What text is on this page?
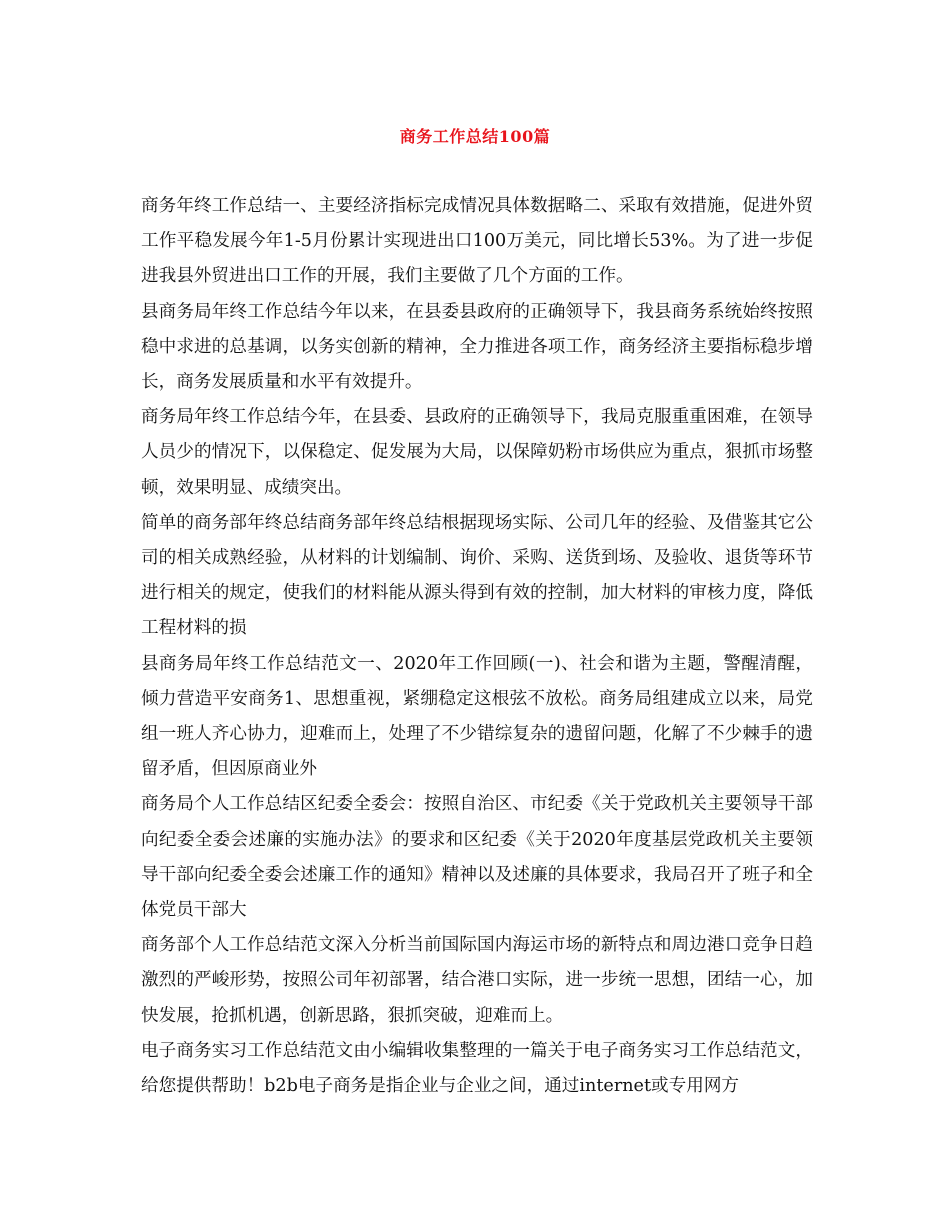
商务工作总结100篇

商务年终工作总结一、主要经济指标完成情况具体数据略二、采取有效措施，促进外贸工作平稳发展今年1-5月份累计实现进出口100万美元，同比增长53%。为了进一步促进我县外贸进出口工作的开展，我们主要做了几个方面的工作。

县商务局年终工作总结今年以来，在县委县政府的正确领导下，我县商务系统始终按照稳中求进的总基调，以务实创新的精神，全力推进各项工作，商务经济主要指标稳步增长，商务发展质量和水平有效提升。

商务局年终工作总结今年，在县委、县政府的正确领导下，我局克服重重困难，在领导人员少的情况下，以保稳定、促发展为大局，以保障奶粉市场供应为重点，狠抓市场整顿，效果明显、成绩突出。

简单的商务部年终总结商务部年终总结根据现场实际、公司几年的经验、及借鉴其它公司的相关成熟经验，从材料的计划编制、询价、采购、送货到场、及验收、退货等环节进行相关的规定，使我们的材料能从源头得到有效的控制，加大材料的审核力度，降低工程材料的损

县商务局年终工作总结范文一、2020年工作回顾(一)、社会和谐为主题，警醒清醒，倾力营造平安商务1、思想重视，紧绷稳定这根弦不放松。商务局组建成立以来，局党组一班人齐心协力，迎难而上，处理了不少错综复杂的遗留问题，化解了不少棘手的遗留矛盾，但因原商业外

商务局个人工作总结区纪委全委会：按照自治区、市纪委《关于党政机关主要领导干部向纪委全委会述廉的实施办法》的要求和区纪委《关于2020年度基层党政机关主要领导干部向纪委全委会述廉工作的通知》精神以及述廉的具体要求，我局召开了班子和全体党员干部大

商务部个人工作总结范文深入分析当前国际国内海运市场的新特点和周边港口竞争日趋激烈的严峻形势，按照公司年初部署，结合港口实际，进一步统一思想，团结一心，加快发展，抢抓机遇，创新思路，狠抓突破，迎难而上。

电子商务实习工作总结范文由小编辑收集整理的一篇关于电子商务实习工作总结范文，给您提供帮助！b2b电子商务是指企业与企业之间，通过internet或专用网方
